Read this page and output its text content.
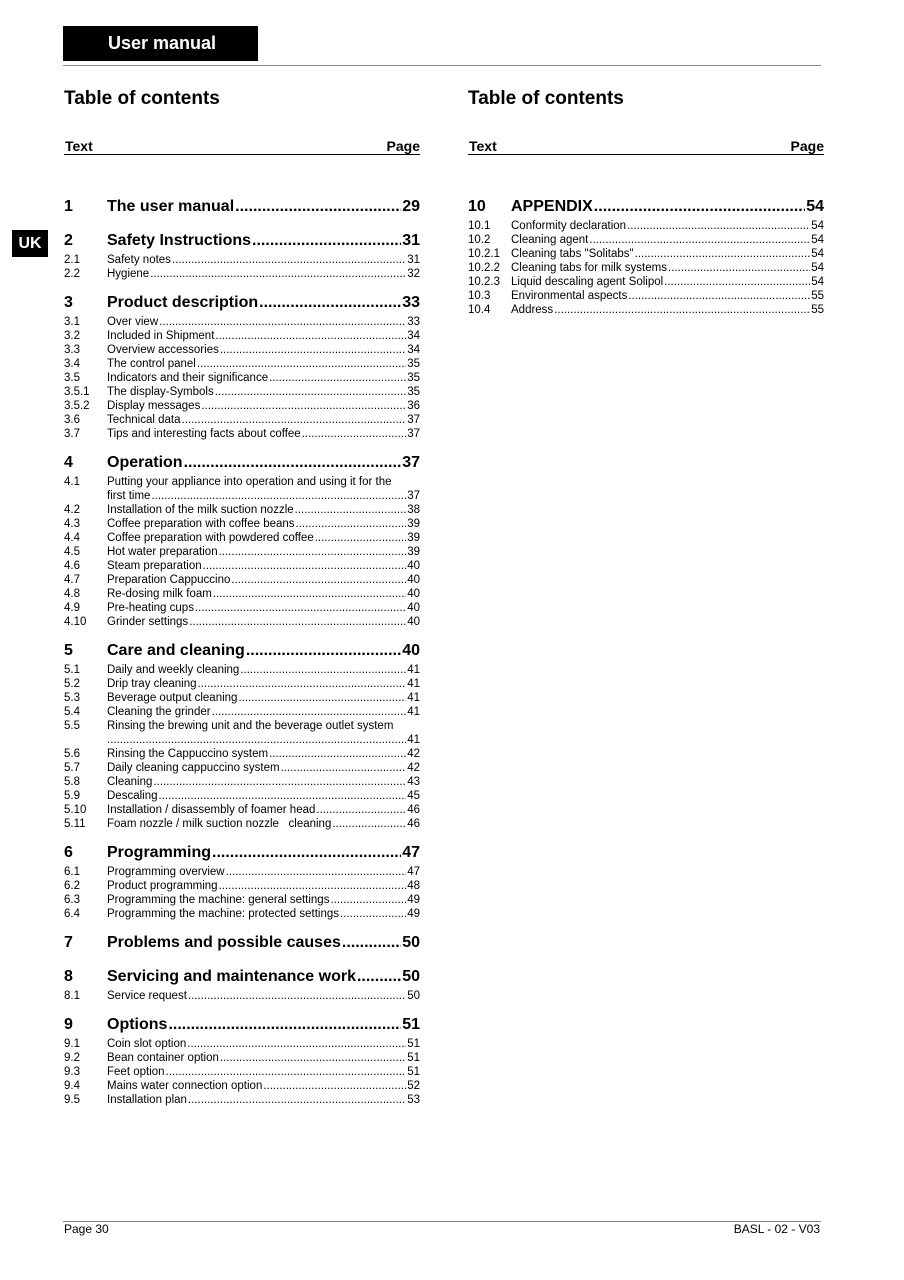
User manual
UK
Table of contents
Text	Page
1	The user manual .....	29
2	Safety Instructions .....	31
2.1	Safety notes .....	31
2.2	Hygiene .....	32
3	Product description .....	33
3.1	Over view .....	33
3.2	Included in Shipment .....	34
3.3	Overview accessories .....	34
3.4	The control panel .....	35
3.5	Indicators and their significance .....	35
3.5.1	The display-Symbols .....	35
3.5.2	Display messages .....	36
3.6	Technical data .....	37
3.7	Tips and interesting facts about coffee .....	37
4	Operation .....	37
4.1	Putting your appliance into operation and using it for the
first time .....	37
4.2	Installation of the milk suction nozzle .....	38
4.3	Coffee preparation with coffee beans .....	39
4.4	Coffee preparation with powdered coffee .....	39
4.5	Hot water preparation .....	39
4.6	Steam preparation .....	40
4.7	Preparation Cappuccino .....	40
4.8	Re-dosing milk foam .....	40
4.9	Pre-heating cups .....	40
4.10	Grinder settings .....	40
5	Care and cleaning .....	40
5.1	Daily and weekly cleaning .....	41
5.2	Drip tray cleaning .....	41
5.3	Beverage output cleaning .....	41
5.4	Cleaning the grinder .....	41
5.5	Rinsing the brewing unit and the beverage outlet system
.....
41
5.6	Rinsing the Cappuccino system .....	42
5.7	Daily cleaning cappuccino system .....	42
5.8	Cleaning .....	43
5.9	Descaling .....	45
5.10	Installation / disassembly of foamer head .....	46
5.11	Foam nozzle / milk suction nozzle   cleaning .....	46
6	Programming .....	47
6.1	Programming overview .....	47
6.2	Product programming .....	48
6.3	Programming the machine: general settings .....	49
6.4	Programming the machine: protected settings .....	49
7	Problems and possible causes .....	50
8	Servicing and maintenance work .....	50
8.1	Service request .....	50
9	Options .....	51
9.1	Coin slot option .....	51
9.2	Bean container option .....	51
9.3	Feet option .....	51
9.4	Mains water connection option .....	52
9.5	Installation plan .....	53
Table of contents
Text	Page
10	APPENDIX .....	54
10.1	Conformity declaration .....	54
10.2	Cleaning agent .....	54
10.2.1 Cleaning tabs "Solitabs" .....	54
10.2.2 Cleaning tabs for milk systems .....	54
10.2.3 Liquid descaling agent Solipol .....	54
10.3	Environmental aspects .....	55
10.4	Address .....	55
Page 30	BASL - 02 - V03
